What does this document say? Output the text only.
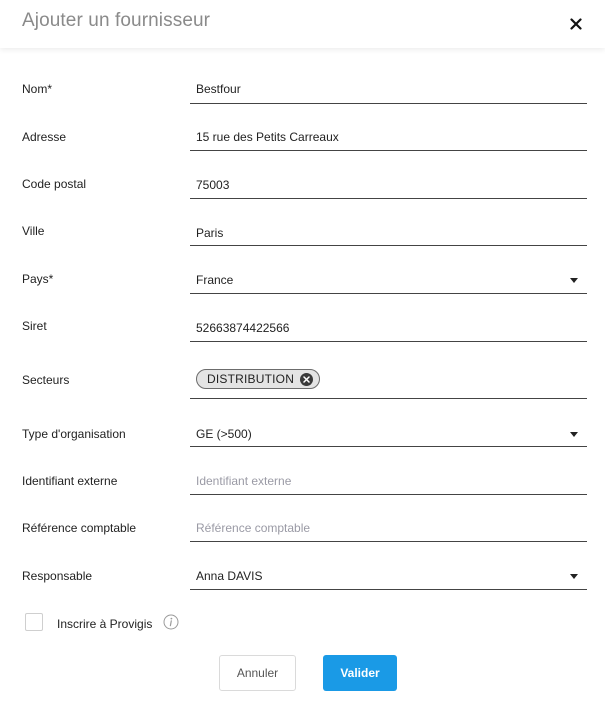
Ajouter un fournisseur
Nom*	Bestfour
Adresse	15 rue des Petits Carreaux
Code postal	75003
Ville	Paris
Pays*	France
Siret	52663874422566
Secteurs	DISTRIBUTION
Type d'organisation	GE (>500)
Identifiant externe	Identifiant externe
Référence comptable	Référence comptable
Responsable	Anna DAVIS
Inscrire à Provigis
Annuler	Valider
